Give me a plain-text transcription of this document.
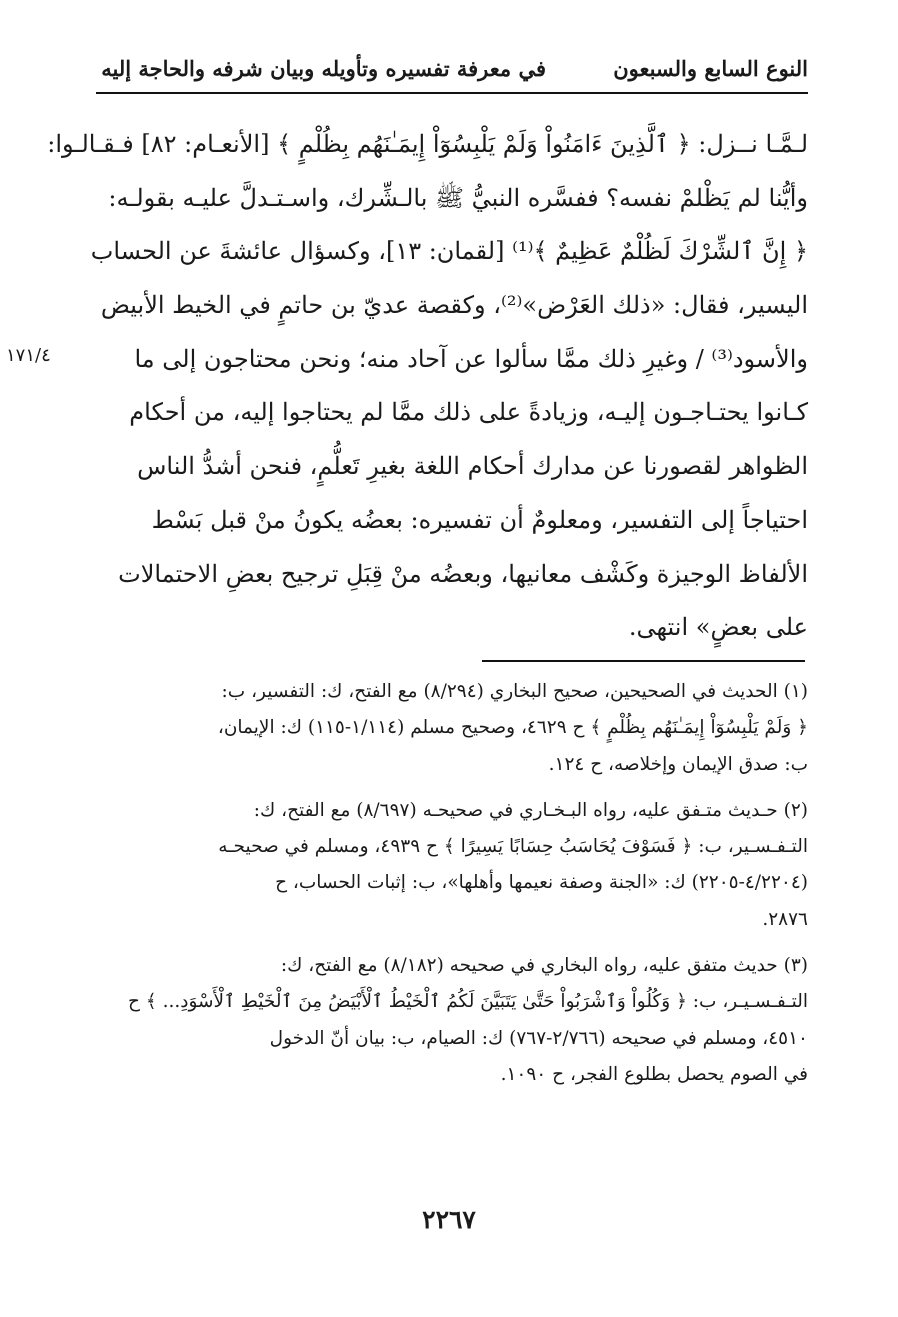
النوع السابع والسبعون
في معرفة تفسيره وتأويله وبيان شرفه والحاجة إليه
لـمَّـا نــزل: ﴿ ٱلَّذِينَ ءَامَنُواْ وَلَمْ يَلْبِسُوٓاْ إِيمَـٰنَهُم بِظُلْمٍ ﴾ [الأنعـام: ٨٢] فـقـالـوا:
وأيُّنا لم يَظْلمْ نفسه؟ ففسَّره النبيُّ ﷺ بالـشِّرك، واسـتـدلَّ عليـه بقولـه:
﴿ إِنَّ ٱلشِّرْكَ لَظُلْمٌ عَظِيمٌ ﴾⁽¹⁾ [لقمان: ١٣]، وكسؤال عائشةَ عن الحساب
اليسير، فقال: «ذلك العَرْض»⁽²⁾، وكقصة عديّ بن حاتمٍ في الخيط الأبيض
والأسود⁽³⁾ / وغيرِ ذلك ممَّا سألوا عن آحاد منه؛ ونحن محتاجون إلى ما
كـانوا يحتـاجـون إليـه، وزيادةً على ذلك ممَّا لم يحتاجوا إليه، من أحكام
الظواهر لقصورنا عن مدارك أحكام اللغة بغيرِ تَعلُّمٍ، فنحن أشدُّ الناس
احتياجاً إلى التفسير، ومعلومٌ أن تفسيره: بعضُه يكونُ منْ قبل بَسْط
الألفاظ الوجيزة وكَشْف معانيها، وبعضُه منْ قِبَلِ ترجيح بعضِ الاحتمالات
على بعضٍ» انتهى.
١٧١/٤
(١) الحديث في الصحيحين، صحيح البخاري (٨/٢٩٤) مع الفتح، ك: التفسير، ب:
﴿ وَلَمْ يَلْبِسُوٓاْ إِيمَـٰنَهُم بِظُلْمٍ ﴾ ح ٤٦٢٩، وصحيح مسلم (١/١١٤-١١٥) ك: الإيمان،
ب: صدق الإيمان وإخلاصه، ح ١٢٤.
(٢) حـديث متـفق عليه، رواه البـخـاري في صحيحـه (٨/٦٩٧) مع الفتح، ك:
التـفـسـير، ب: ﴿ فَسَوْفَ يُحَاسَبُ حِسَابًا يَسِيرًا ﴾ ح ٤٩٣٩، ومسلم في صحيحـه
(٤/٢٢٠٤-٢٢٠٥) ك: «الجنة وصفة نعيمها وأهلها»، ب: إثبات الحساب، ح
٢٨٧٦.
(٣) حديث متفق عليه، رواه البخاري في صحيحه (٨/١٨٢) مع الفتح، ك:
التـفـسـيـر، ب: ﴿ وَكُلُواْ وَٱشْرَبُواْ حَتَّىٰ يَتَبَيَّنَ لَكُمُ ٱلْخَيْطُ ٱلْأَبْيَضُ مِنَ ٱلْخَيْطِ ٱلْأَسْوَدِ... ﴾ ح
٤٥١٠، ومسلم في صحيحه (٢/٧٦٦-٧٦٧) ك: الصيام، ب: بيان أنّ الدخول
في الصوم يحصل بطلوع الفجر، ح ١٠٩٠.
٢٢٦٧
